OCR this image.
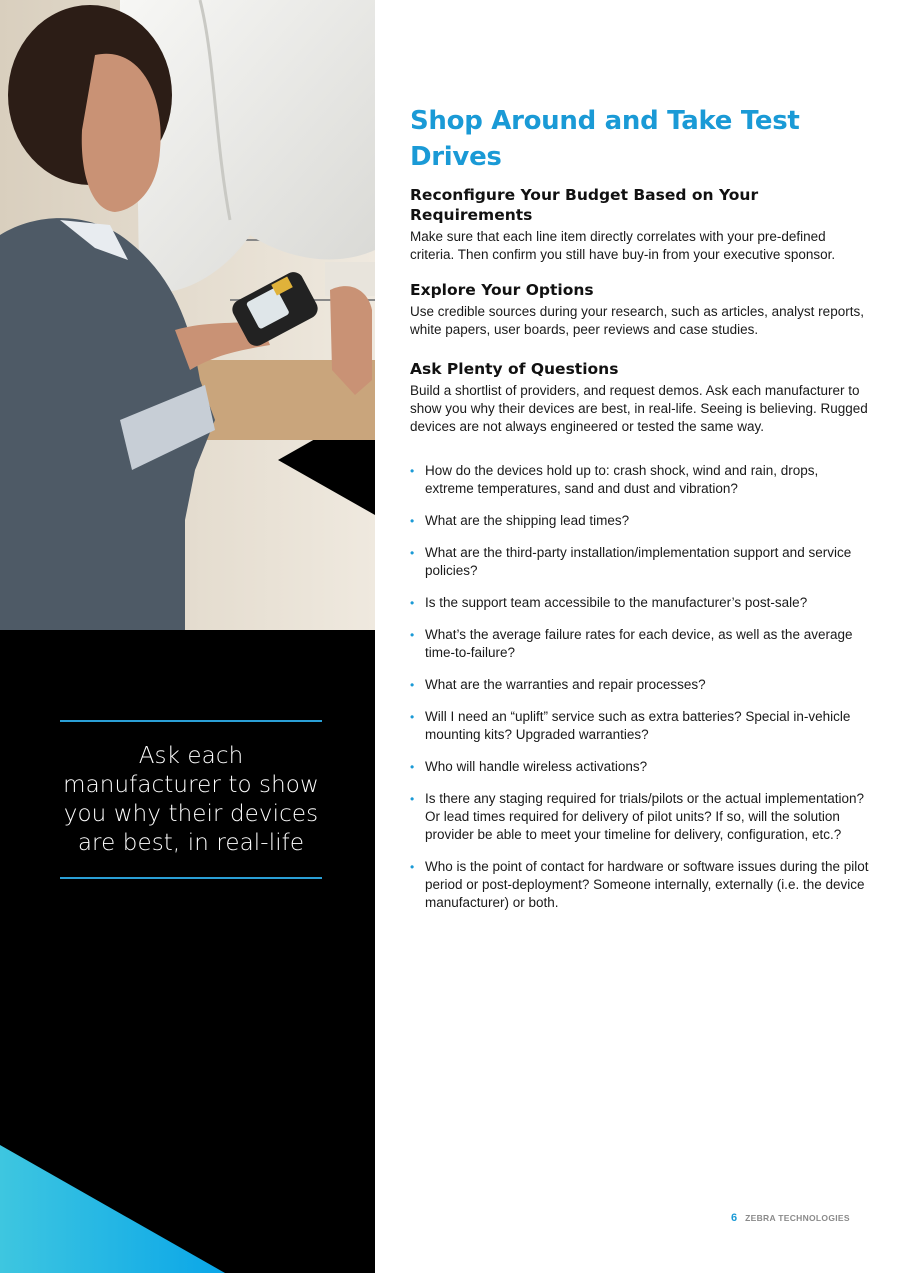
Ask each manufacturer to show you why their devices are best, in real-life
Shop Around and Take Test Drives
Reconfigure Your Budget Based on Your Requirements

Make sure that each line item directly correlates with your pre-defined criteria. Then confirm you still have buy-in from your executive sponsor.

Explore Your Options

Use credible sources during your research, such as articles, analyst reports, white papers, user boards, peer reviews and case studies.

Ask Plenty of Questions

Build a shortlist of providers, and request demos. Ask each manufacturer to show you why their devices are best, in real-life. Seeing is believing. Rugged devices are not always engineered or tested the same way.

• How do the devices hold up to: crash shock, wind and rain, drops, extreme temperatures, sand and dust and vibration?
• What are the shipping lead times?
• What are the third-party installation/implementation support and service policies?
• Is the support team accessibile to the manufacturer’s post-sale?
• What’s the average failure rates for each device, as well as the average time-to-failure?
• What are the warranties and repair processes?
• Will I need an “uplift” service such as extra batteries? Special in-vehicle mounting kits? Upgraded warranties?
• Who will handle wireless activations?
• Is there any staging required for trials/pilots or the actual implementation? Or lead times required for delivery of pilot units? If so, will the solution provider be able to meet your timeline for delivery, configuration, etc.?
• Who is the point of contact for hardware or software issues during the pilot period or post-deployment? Someone internally, externally (i.e. the device manufacturer) or both.
6 ZEBRA TECHNOLOGIES
